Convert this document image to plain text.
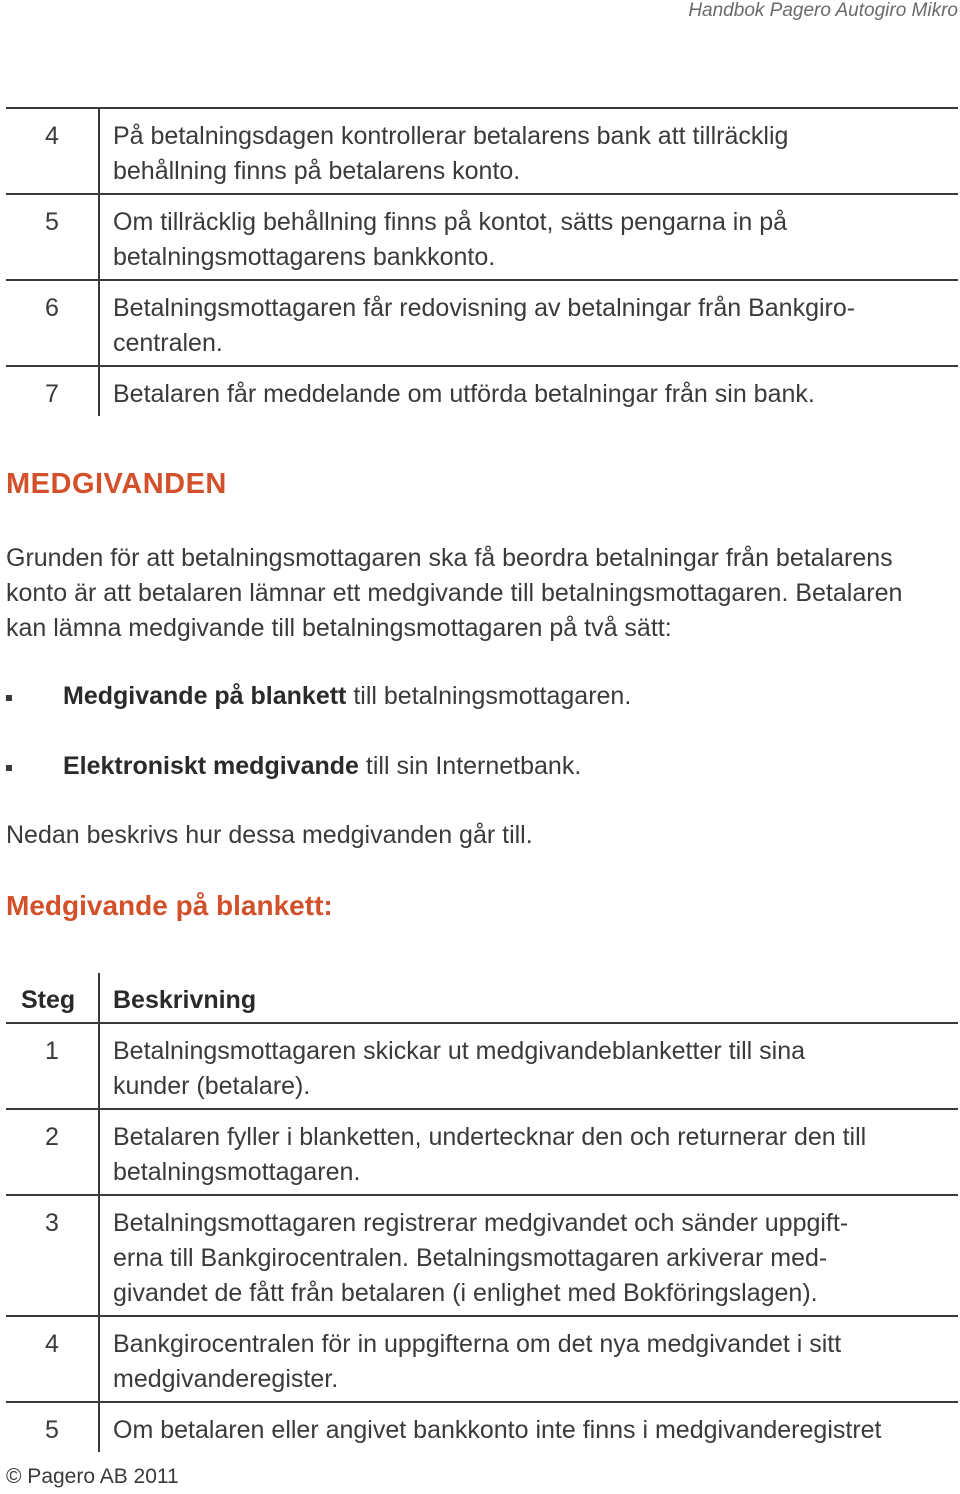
Handbok Pagero Autogiro Mikro
4	På betalningsdagen kontrollerar betalarens bank att tillräcklig
behållning finns på betalarens konto.
5	Om tillräcklig behållning finns på kontot, sätts pengarna in på
betalningsmottagarens bankkonto.
6	Betalningsmottagaren får redovisning av betalningar från Bankgiro-
centralen.
7	Betalaren får meddelande om utförda betalningar från sin bank.
MEDGIVANDEN
Grunden för att betalningsmottagaren ska få beordra betalningar från betalarens
konto är att betalaren lämnar ett medgivande till betalningsmottagaren. Betalaren
kan lämna medgivande till betalningsmottagaren på två sätt:
Medgivande på blankett till betalningsmottagaren.
Elektroniskt medgivande till sin Internetbank.

Nedan beskrivs hur dessa medgivanden går till.

Medgivande på blankett:
Steg	Beskrivning
1	Betalningsmottagaren skickar ut medgivandeblanketter till sina
kunder (betalare).
2	Betalaren fyller i blanketten, undertecknar den och returnerar den till
betalningsmottagaren.
3	Betalningsmottagaren registrerar medgivandet och sänder uppgift-
erna till Bankgirocentralen. Betalningsmottagaren arkiverar med-
givandet de fått från betalaren (i enlighet med Bokföringslagen).
4	Bankgirocentralen för in uppgifterna om det nya medgivandet i sitt
medgivanderegister.
5	Om betalaren eller angivet bankkonto inte finns i medgivanderegistret
© Pagero AB 2011
